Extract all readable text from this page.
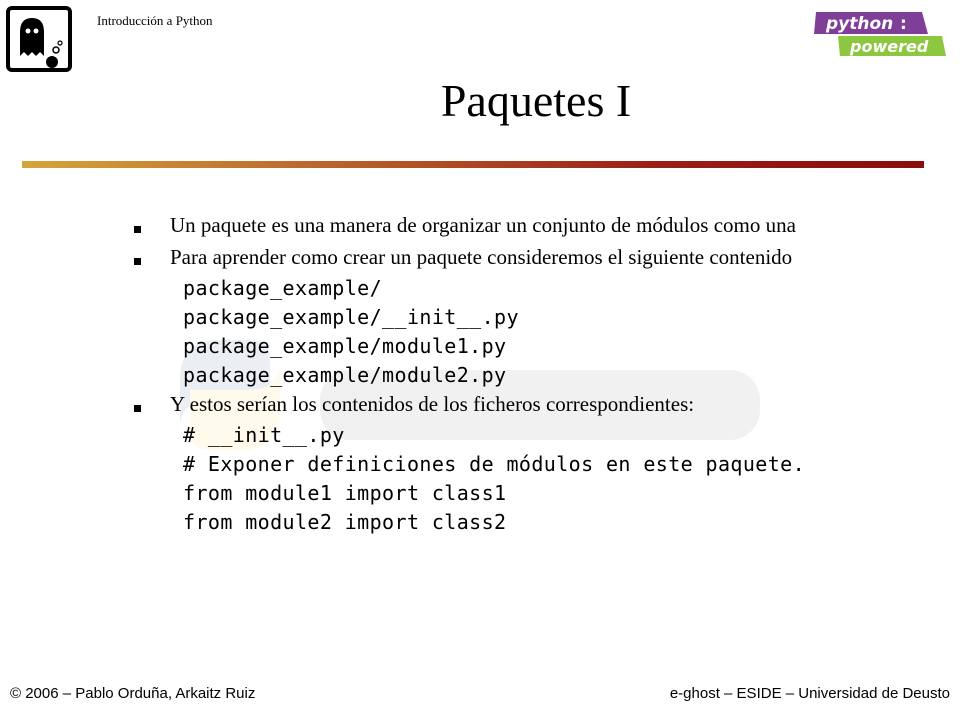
Introducción a Python	python :
powered
Paquetes I
Un paquete es una manera de organizar un conjunto de módulos como una
Para aprender como crear un paquete consideremos el siguiente contenido
package_example/
package_example/__init__.py
package_example/module1.py
package_example/module2.py
Y estos serían los contenidos de los ficheros correspondientes:
# __init__.py
# Exponer definiciones de módulos en este paquete.
from module1 import class1
from module2 import class2
© 2006 – Pablo Orduña, Arkaitz Ruiz	e-ghost – ESIDE – Universidad de Deusto
